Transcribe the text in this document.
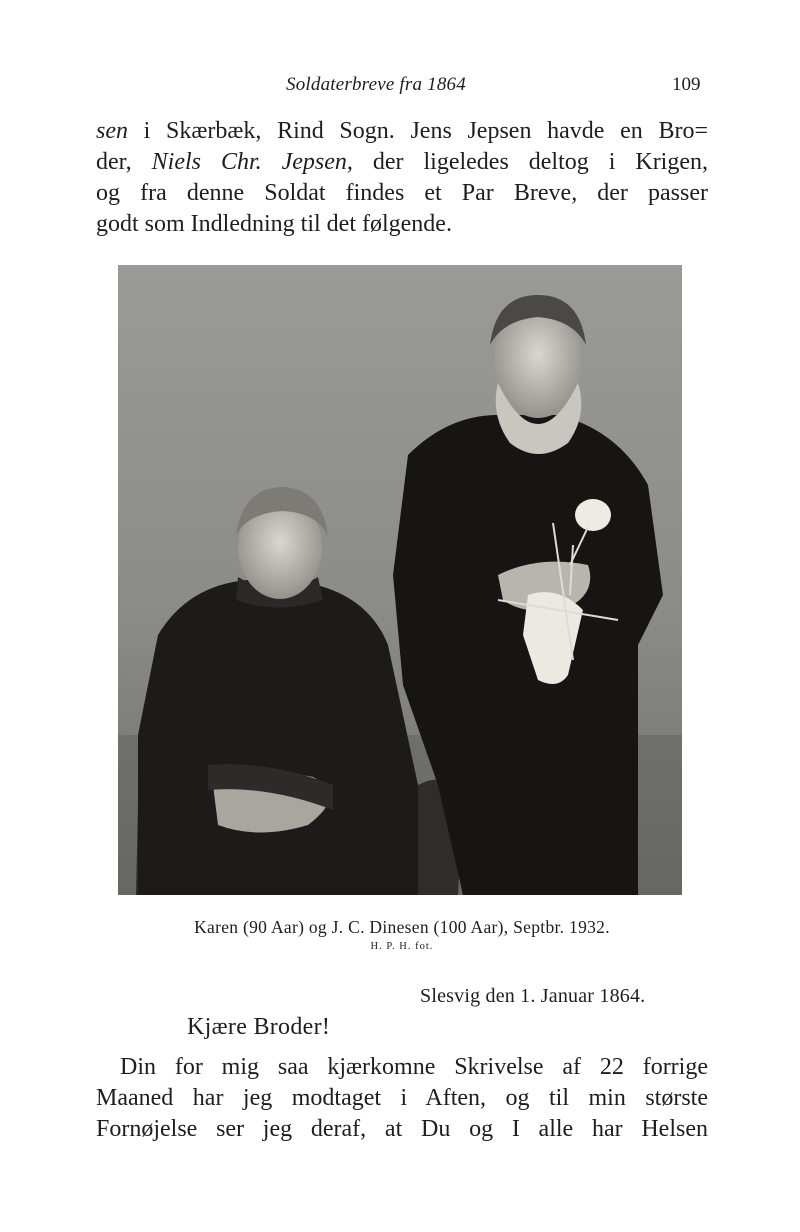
Soldaterbreve fra 1864	109
sen i Skærbæk, Rind Sogn. Jens Jepsen havde en Bro=
der, Niels Chr. Jepsen, der ligeledes deltog i Krigen,
og fra denne Soldat findes et Par Breve, der passer
godt som Indledning til det følgende.
Karen (90 Aar) og J. C. Dinesen (100 Aar), Septbr. 1932.
H. P. H. fot.
Slesvig den 1. Januar 1864.
Kjære Broder!
Din for mig saa kjærkomne Skrivelse af 22 forrige
Maaned har jeg modtaget i Aften, og til min største
Fornøjelse ser jeg deraf, at Du og I alle har Helsen
